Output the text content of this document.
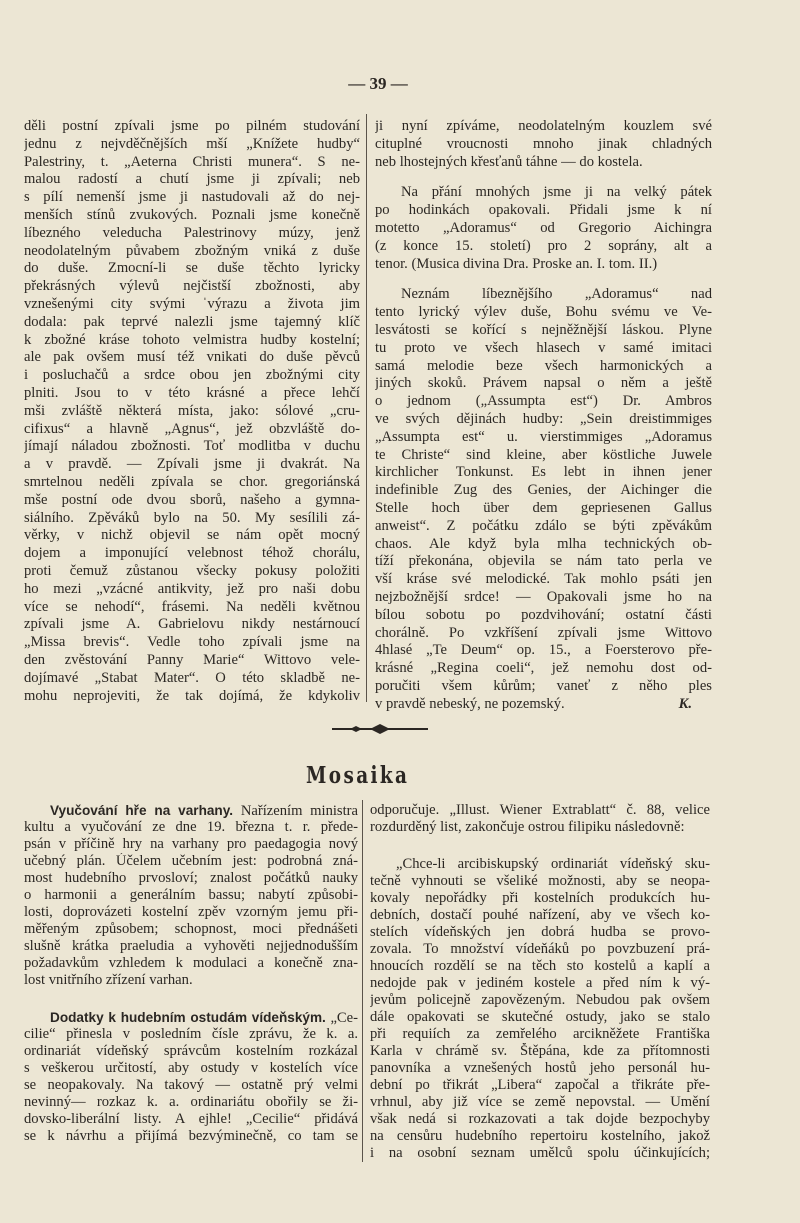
— 39 —
děli postní zpívali jsme po pilném studování
jednu z nejvděčnějších mší „Knížete hudby“
Palestriny, t. „Aeterna Christi munera“. S ne-
malou radostí a chutí jsme ji zpívali; neb
s pílí nemenší jsme ji nastudovali až do nej-
menších stínů zvukových. Poznali jsme konečně
líbezného veleducha Palestrinovy múzy, jenž
neodolatelným půvabem zbožným vniká z duše
do duše. Zmocní-li se duše těchto lyricky
překrásných výlevů nejčistší zbožnosti, aby
vznešenými city svými ˈvýrazu a života jim
dodala: pak teprvé nalezli jsme tajemný klíč
k zbožné kráse tohoto velmistra hudby kostelní;
ale pak ovšem musí též vnikati do duše pěvců
i posluchačů a srdce obou jen zbožnými city
plniti. Jsou to v této krásné a přece lehčí
mši zvláště některá místa, jako: sólové „cru-
cifixus“ a hlavně „Agnus“, jež obzvláště do-
jímají náladou zbožnosti. Toť modlitba v duchu
a v pravdě. — Zpívali jsme ji dvakrát. Na
smrtelnou neděli zpívala se chor. gregoriánská
mše postní ode dvou sborů, našeho a gymna-
siálního. Zpěváků bylo na 50. My sesílili zá-
věrky, v nichž objevil se nám opět mocný
dojem a imponující velebnost téhož chorálu,
proti čemuž zůstanou všecky pokusy položiti
ho mezi „vzácné antikvity, jež pro naši dobu
více se nehodí“, frásemi. Na neděli květnou
zpívali jsme A. Gabrielovu nikdy nestárnoucí
„Missa brevis“. Vedle toho zpívali jsme na
den zvěstování Panny Marie“ Wittovo vele-
dojímavé „Stabat Mater“. O této skladbě ne-
mohu neprojeviti, že tak dojímá, že kdykoliv
ji nyní zpíváme, neodolatelným kouzlem své
cituplné vroucnosti mnoho jinak chladných
neb lhostejných křesťanů táhne — do kostela.
Na přání mnohých jsme ji na velký pátek
po hodinkách opakovali. Přidali jsme k ní
motetto „Adoramus“ od Gregorio Aichingra
(z konce 15. století) pro 2 soprány, alt a
tenor. (Musica divina Dra. Proske an. I. tom. II.)
Neznám líbeznějšího „Adoramus“ nad
tento lyrický výlev duše, Bohu svému ve Ve-
lesvátosti se kořící s nejněžnější láskou. Plyne
tu proto ve všech hlasech v samé imitaci
samá melodie beze všech harmonických a
jiných skoků. Právem napsal o něm a ještě
o jednom („Assumpta est“) Dr. Ambros
ve svých dějinách hudby: „Sein dreistimmiges
„Assumpta est“ u. vierstimmiges „Adoramus
te Christe“ sind kleine, aber köstliche Juwele
kirchlicher Tonkunst. Es lebt in ihnen jener
indefinible Zug des Genies, der Aichinger die
Stelle hoch über dem gepriesenen Gallus
anweist“. Z počátku zdálo se býti zpěvákům
chaos. Ale když byla mlha technických ob-
tíží překonána, objevila se nám tato perla ve
vší kráse své melodické. Tak mohlo psáti jen
nejzbožnější srdce! — Opakovali jsme ho na
bílou sobotu po pozdvihování; ostatní části
chorálně. Po vzkříšení zpívali jsme Wittovo
4hlasé „Te Deum“ op. 15., a Foersterovo pře-
krásné „Regina coeli“, jež nemohu dost od-
poručiti všem kůrům; vaneť z něho ples
v pravdě nebeský, ne pozemský.	K.
Mosaika
Vyučování hře na varhany. Nařízením ministra
kultu a vyučování ze dne 19. března t. r. přede-
psán v příčině hry na varhany pro paedagogia nový
učebný plán. Účelem učebním jest: podrobná zná-
most hudebního prvosloví; znalost počátků nauky
o harmonii a generálním bassu; nabytí způsobi-
losti, doprovázeti kostelní zpěv vzorným jemu při-
měřeným způsobem; schopnost, moci přednášeti
slušně krátka praeludia a vyhověti nejjednodušším
požadavkům vzhledem k modulaci a konečně zna-
lost vnitřního zřízení varhan.
Dodatky k hudebním ostudám vídeňským. „Ce-
cilie“ přinesla v posledním čísle zprávu, že k. a.
ordinariát vídeňský správcům kostelním rozkázal
s veškerou určitostí, aby ostudy v kostelích více
se neopakovaly. Na takový — ostatně prý velmi
nevinný— rozkaz k. a. ordinariátu obořily se ži-
dovsko-liberální listy. A ejhle! „Cecilie“ přidává
se k návrhu a přijímá bezvýminečně, co tam se
odporučuje. „Illust. Wiener Extrablatt“ č. 88, velice
rozdurděný list, zakončuje ostrou filipiku následovně:
„Chce-li arcibiskupský ordinariát vídeňský sku-
tečně vyhnouti se všeliké možnosti, aby se neopa-
kovaly nepořádky při kostelních produkcích hu-
debních, dostačí pouhé nařízení, aby ve všech ko-
stelích vídeňských jen dobrá hudba se provo-
zovala. To množství vídeňáků po povzbuzení prá-
hnoucích rozdělí se na těch sto kostelů a kaplí a
nedojde pak v jediném kostele a před ním k vý-
jevům policejně zapovězeným. Nebudou pak ovšem
dále opakovati se skutečné ostudy, jako se stalo
při requiích za zemřelého arcikněžete Františka
Karla v chrámě sv. Štěpána, kde za přítomnosti
panovníka a vznešených hostů jeho personál hu-
dební po třikrát „Libera“ započal a třikráte pře-
vrhnul, aby již více se země nepovstal. — Umění
však nedá si rozkazovati a tak dojde bezpochyby
na censůru hudebního repertoiru kostelního, jakož
i na osobní seznam umělců spolu účinkujících;
